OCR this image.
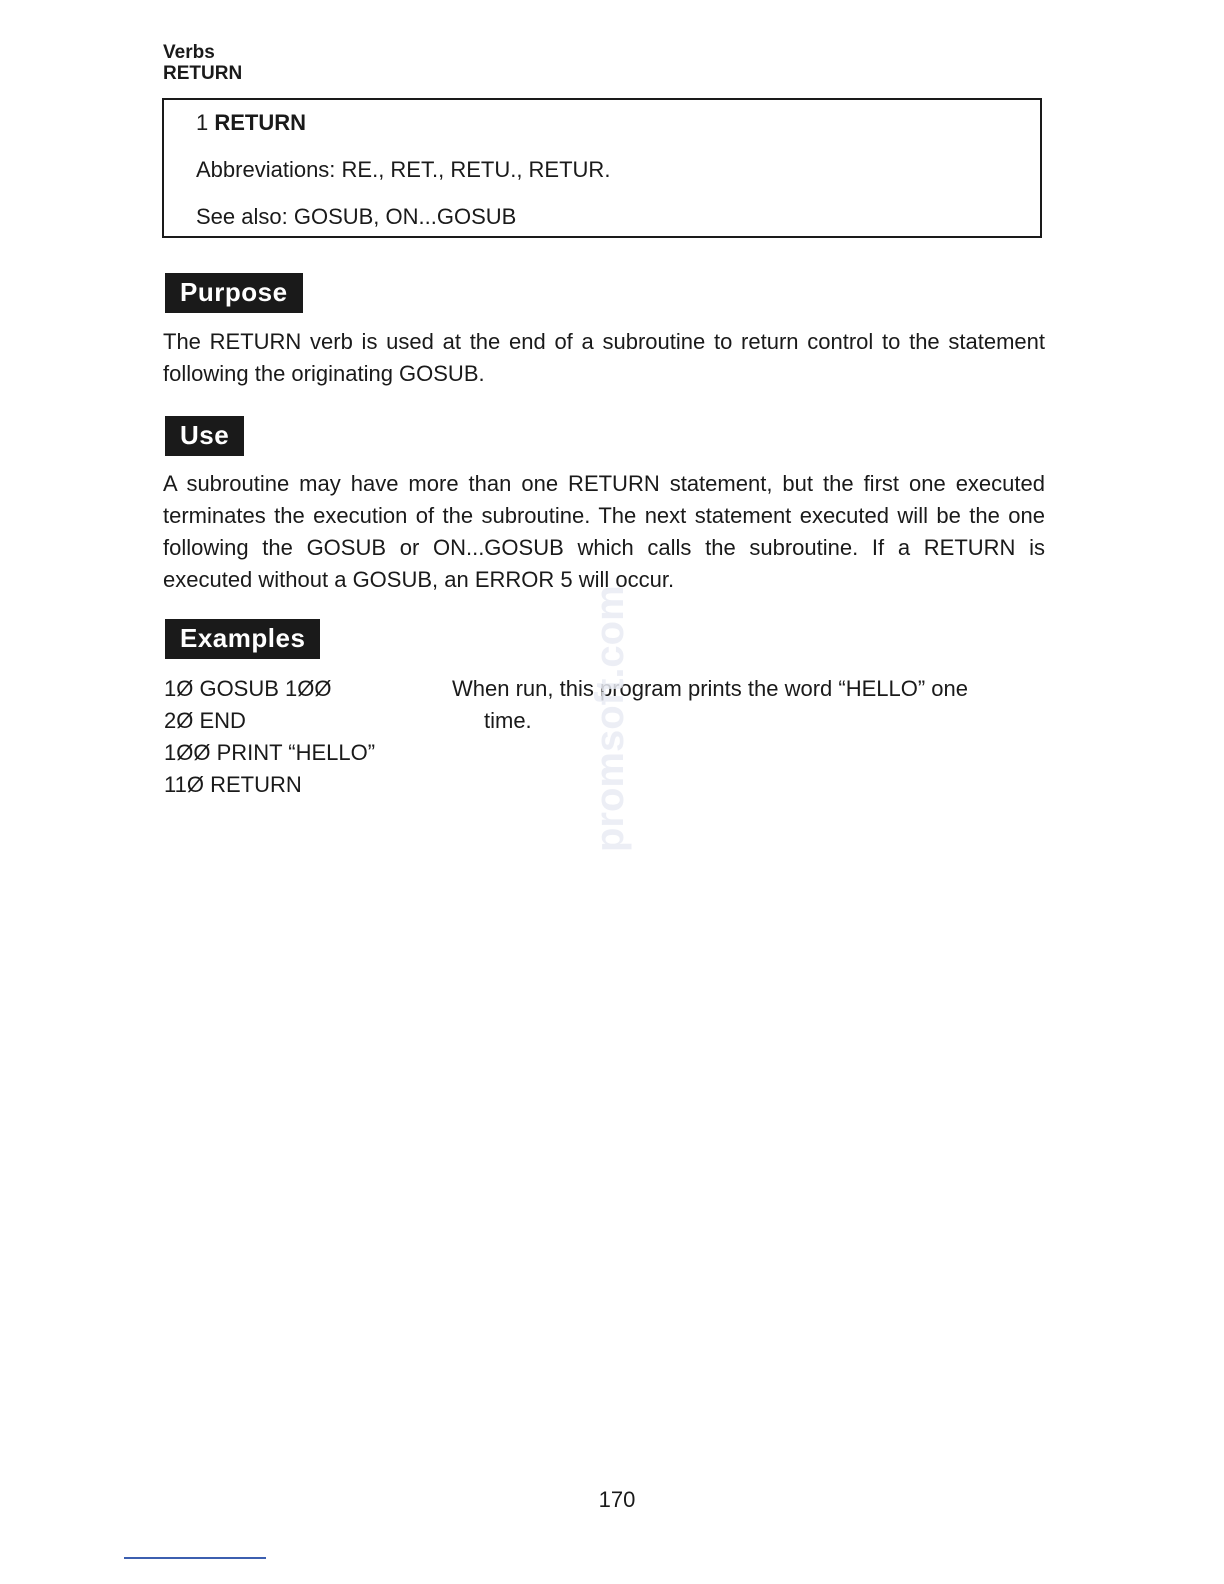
Verbs
RETURN
1 RETURN
Abbreviations: RE., RET., RETU., RETUR.
See also: GOSUB, ON...GOSUB
Purpose
The RETURN verb is used at the end of a subroutine to return control to the statement following the originating GOSUB.
Use
A subroutine may have more than one RETURN statement, but the first one executed terminates the execution of the subroutine. The next statement executed will be the one following the GOSUB or ON...GOSUB which calls the subroutine. If a RETURN is executed without a GOSUB, an ERROR 5 will occur.
Examples
1Ø GOSUB 1ØØ
2Ø END
1ØØ PRINT “HELLO”
11Ø RETURN
When run, this program prints the word “HELLO” one
time.	promsoft.com
170
